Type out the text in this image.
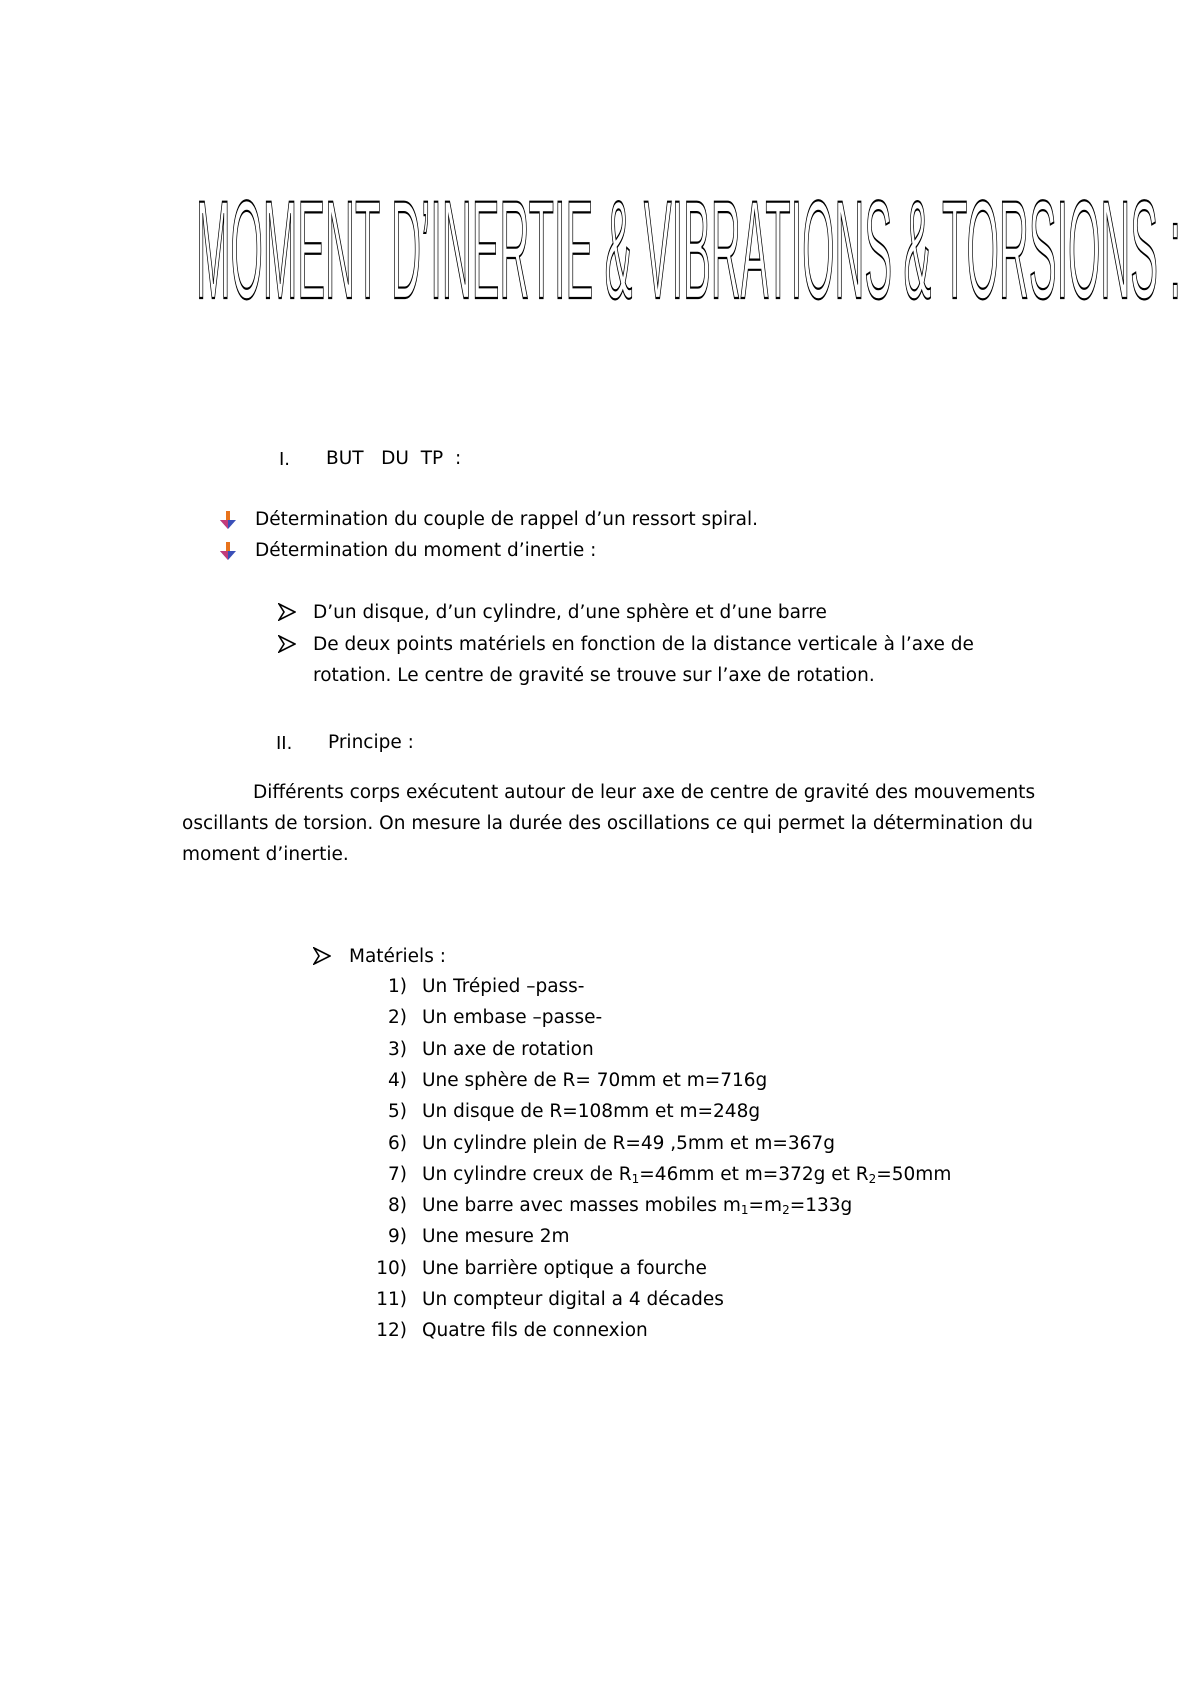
MOMENT D’INERTIE & VIBRATIONS & TORSIONS :
I. BUT   DU  TP  :
Détermination du couple de rappel d’un ressort spiral.
Détermination du moment d’inertie :
D’un disque, d’un cylindre, d’une sphère et d’une barre
De deux points matériels en fonction de la distance verticale à l’axe de
rotation. Le centre de gravité se trouve sur l’axe de rotation.
II. Principe :
Différents corps exécutent autour de leur axe de centre de gravité des mouvements
oscillants de torsion. On mesure la durée des oscillations ce qui permet la détermination du
moment d’inertie.
Matériels :
1) Un Trépied –pass-
2) Un embase –passe-
3) Un axe de rotation
4) Une sphère de R= 70mm et m=716g
5) Un disque de R=108mm et m=248g
6) Un cylindre plein de R=49 ,5mm et m=367g
7) Un cylindre creux de $R_1=46mm$ et m=372g et $R_2=50mm$
8) Une barre avec masses mobiles $m_1=m_2=133g$
9) Une mesure 2m
10) Une barrière optique a fourche
11) Un compteur digital a 4 décades
12) Quatre fils de connexion
